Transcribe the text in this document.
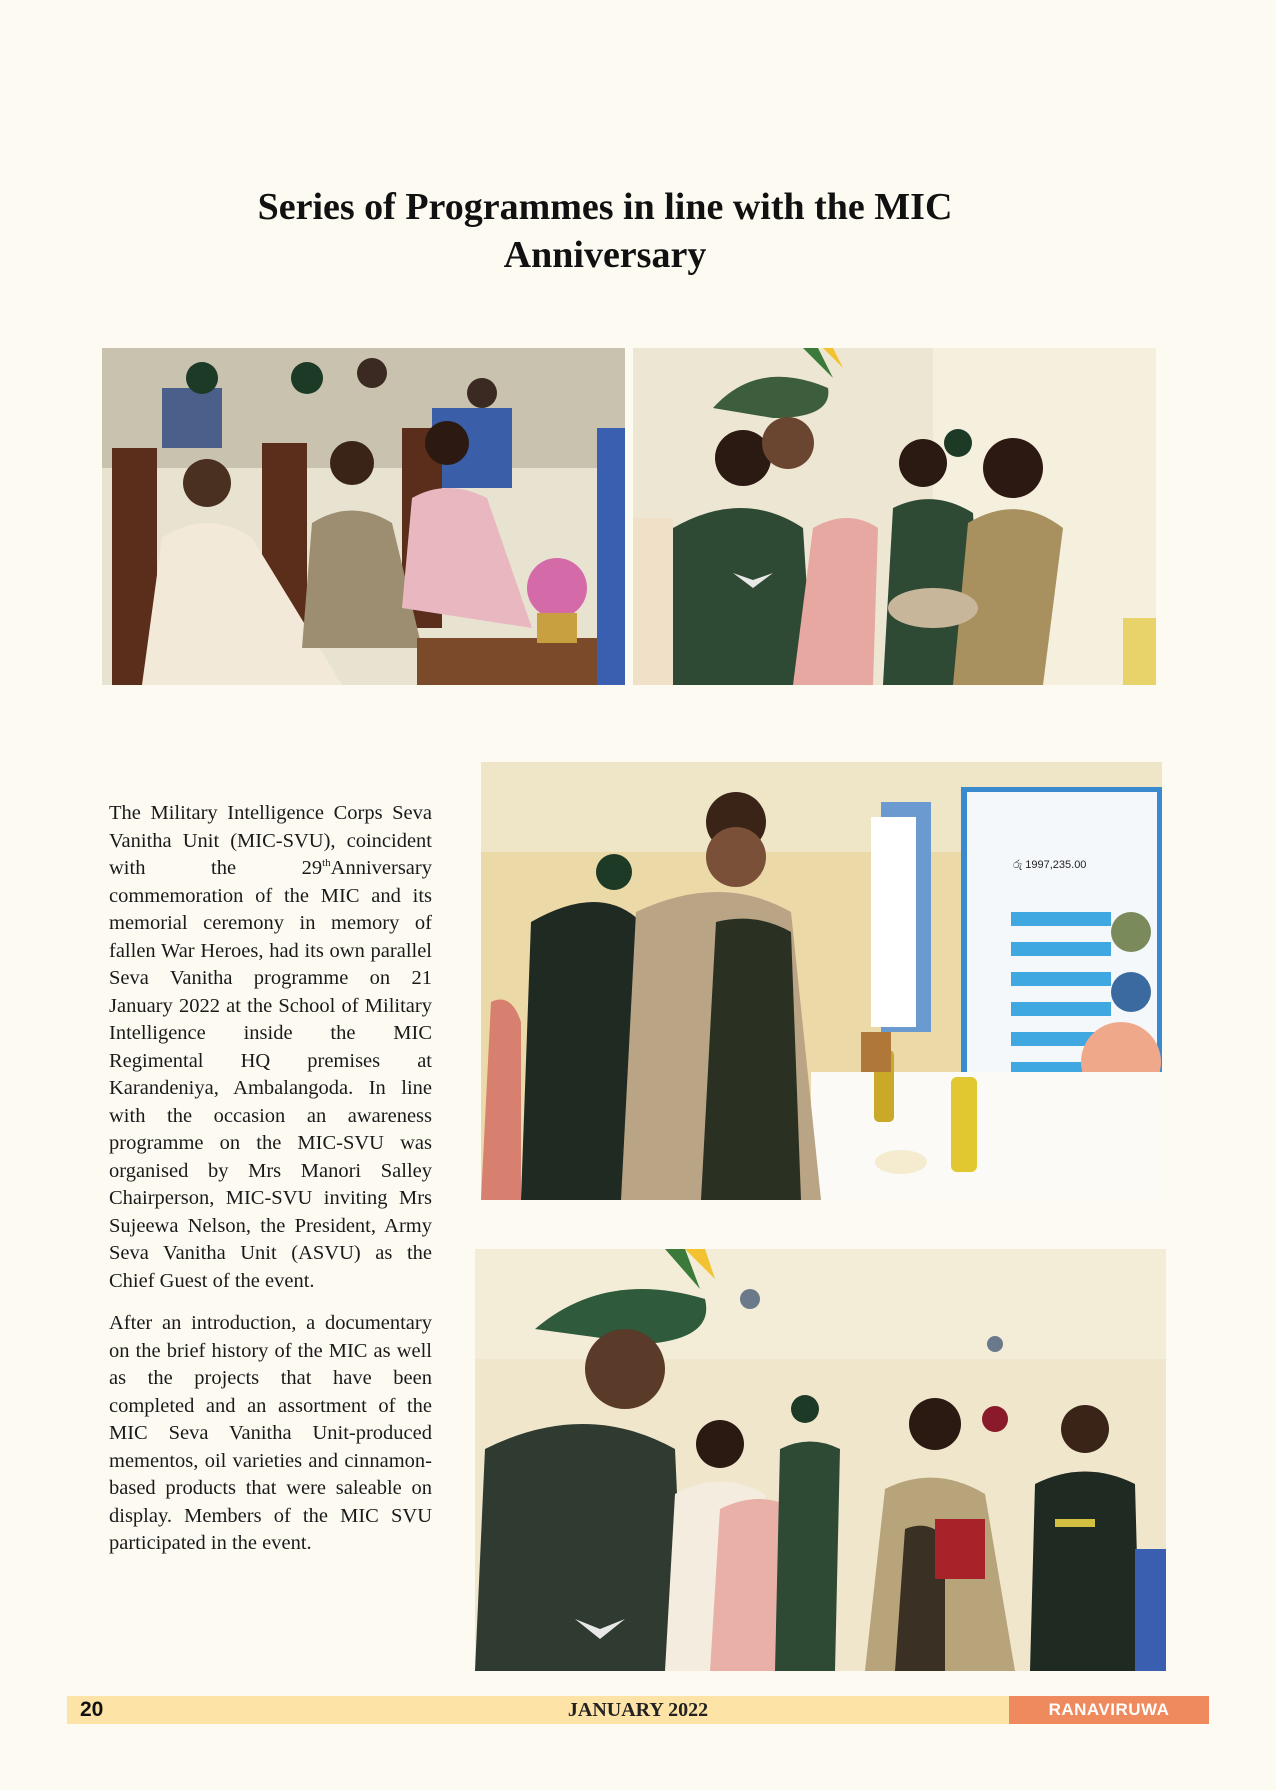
Series of Programmes in line with the MIC
Anniversary
රු 1997,235.00

The Military Intelligence Corps Seva Vanitha Unit (MIC-SVU), coincident with the 29thAnniversary commemoration of the MIC and its memorial ceremony in memory of fallen War Heroes, had its own parallel Seva Vanitha programme on 21 January 2022 at the School of Military Intelligence inside the MIC Regimental HQ premises at Karandeniya, Ambalangoda. In line with the occasion an awareness programme on the MIC-SVU was organised by Mrs Manori Salley Chairperson, MIC-SVU inviting Mrs Sujeewa Nelson, the President, Army Seva Vanitha Unit (ASVU) as the Chief Guest of the event.

After an introduction, a documentary on the brief history of the MIC as well as the projects that have been completed and an assortment of the MIC Seva Vanitha Unit-produced mementos, oil varieties and cinnamon-based products that were saleable on display. Members of the MIC SVU participated in the event.

20	JANUARY 2022	RANAVIRUWA
